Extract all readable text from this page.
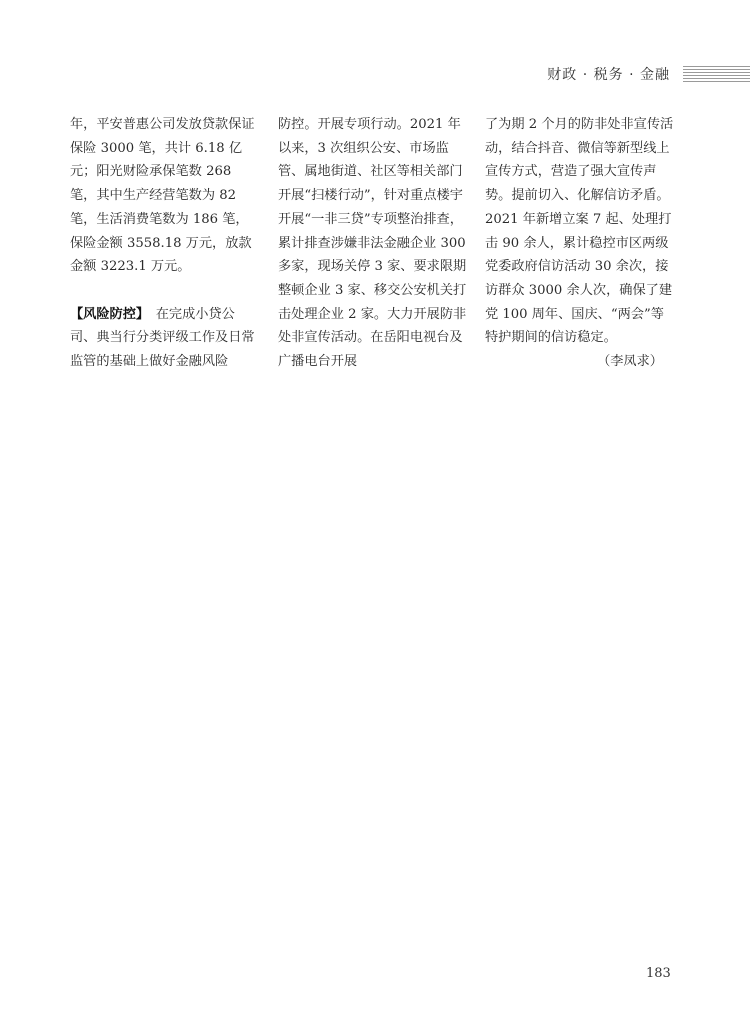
财政 · 税务 · 金融

年，平安普惠公司发放贷款保证保险 3000 笔，共计 6.18 亿元；阳光财险承保笔数 268 笔，其中生产经营笔数为 82 笔，生活消费笔数为 186 笔，保险金额 3558.18 万元，放款金额 3223.1 万元。

【风险防控】　在完成小贷公司、典当行分类评级工作及日常监管的基础上做好金融风险

防控。开展专项行动。2021 年以来，3 次组织公安、市场监管、属地街道、社区等相关部门开展“扫楼行动”，针对重点楼宇开展“一非三贷”专项整治排查，累计排查涉嫌非法金融企业 300 多家，现场关停 3 家、要求限期整顿企业 3 家、移交公安机关打击处理企业 2 家。大力开展防非处非宣传活动。在岳阳电视台及广播电台开展

了为期 2 个月的防非处非宣传活动，结合抖音、微信等新型线上宣传方式，营造了强大宣传声势。提前切入、化解信访矛盾。2021 年新增立案 7 起、处理打击 90 余人，累计稳控市区两级党委政府信访活动 30 余次，接访群众 3000 余人次，确保了建党 100 周年、国庆、“两会”等特护期间的信访稳定。

（李凤求）

183
